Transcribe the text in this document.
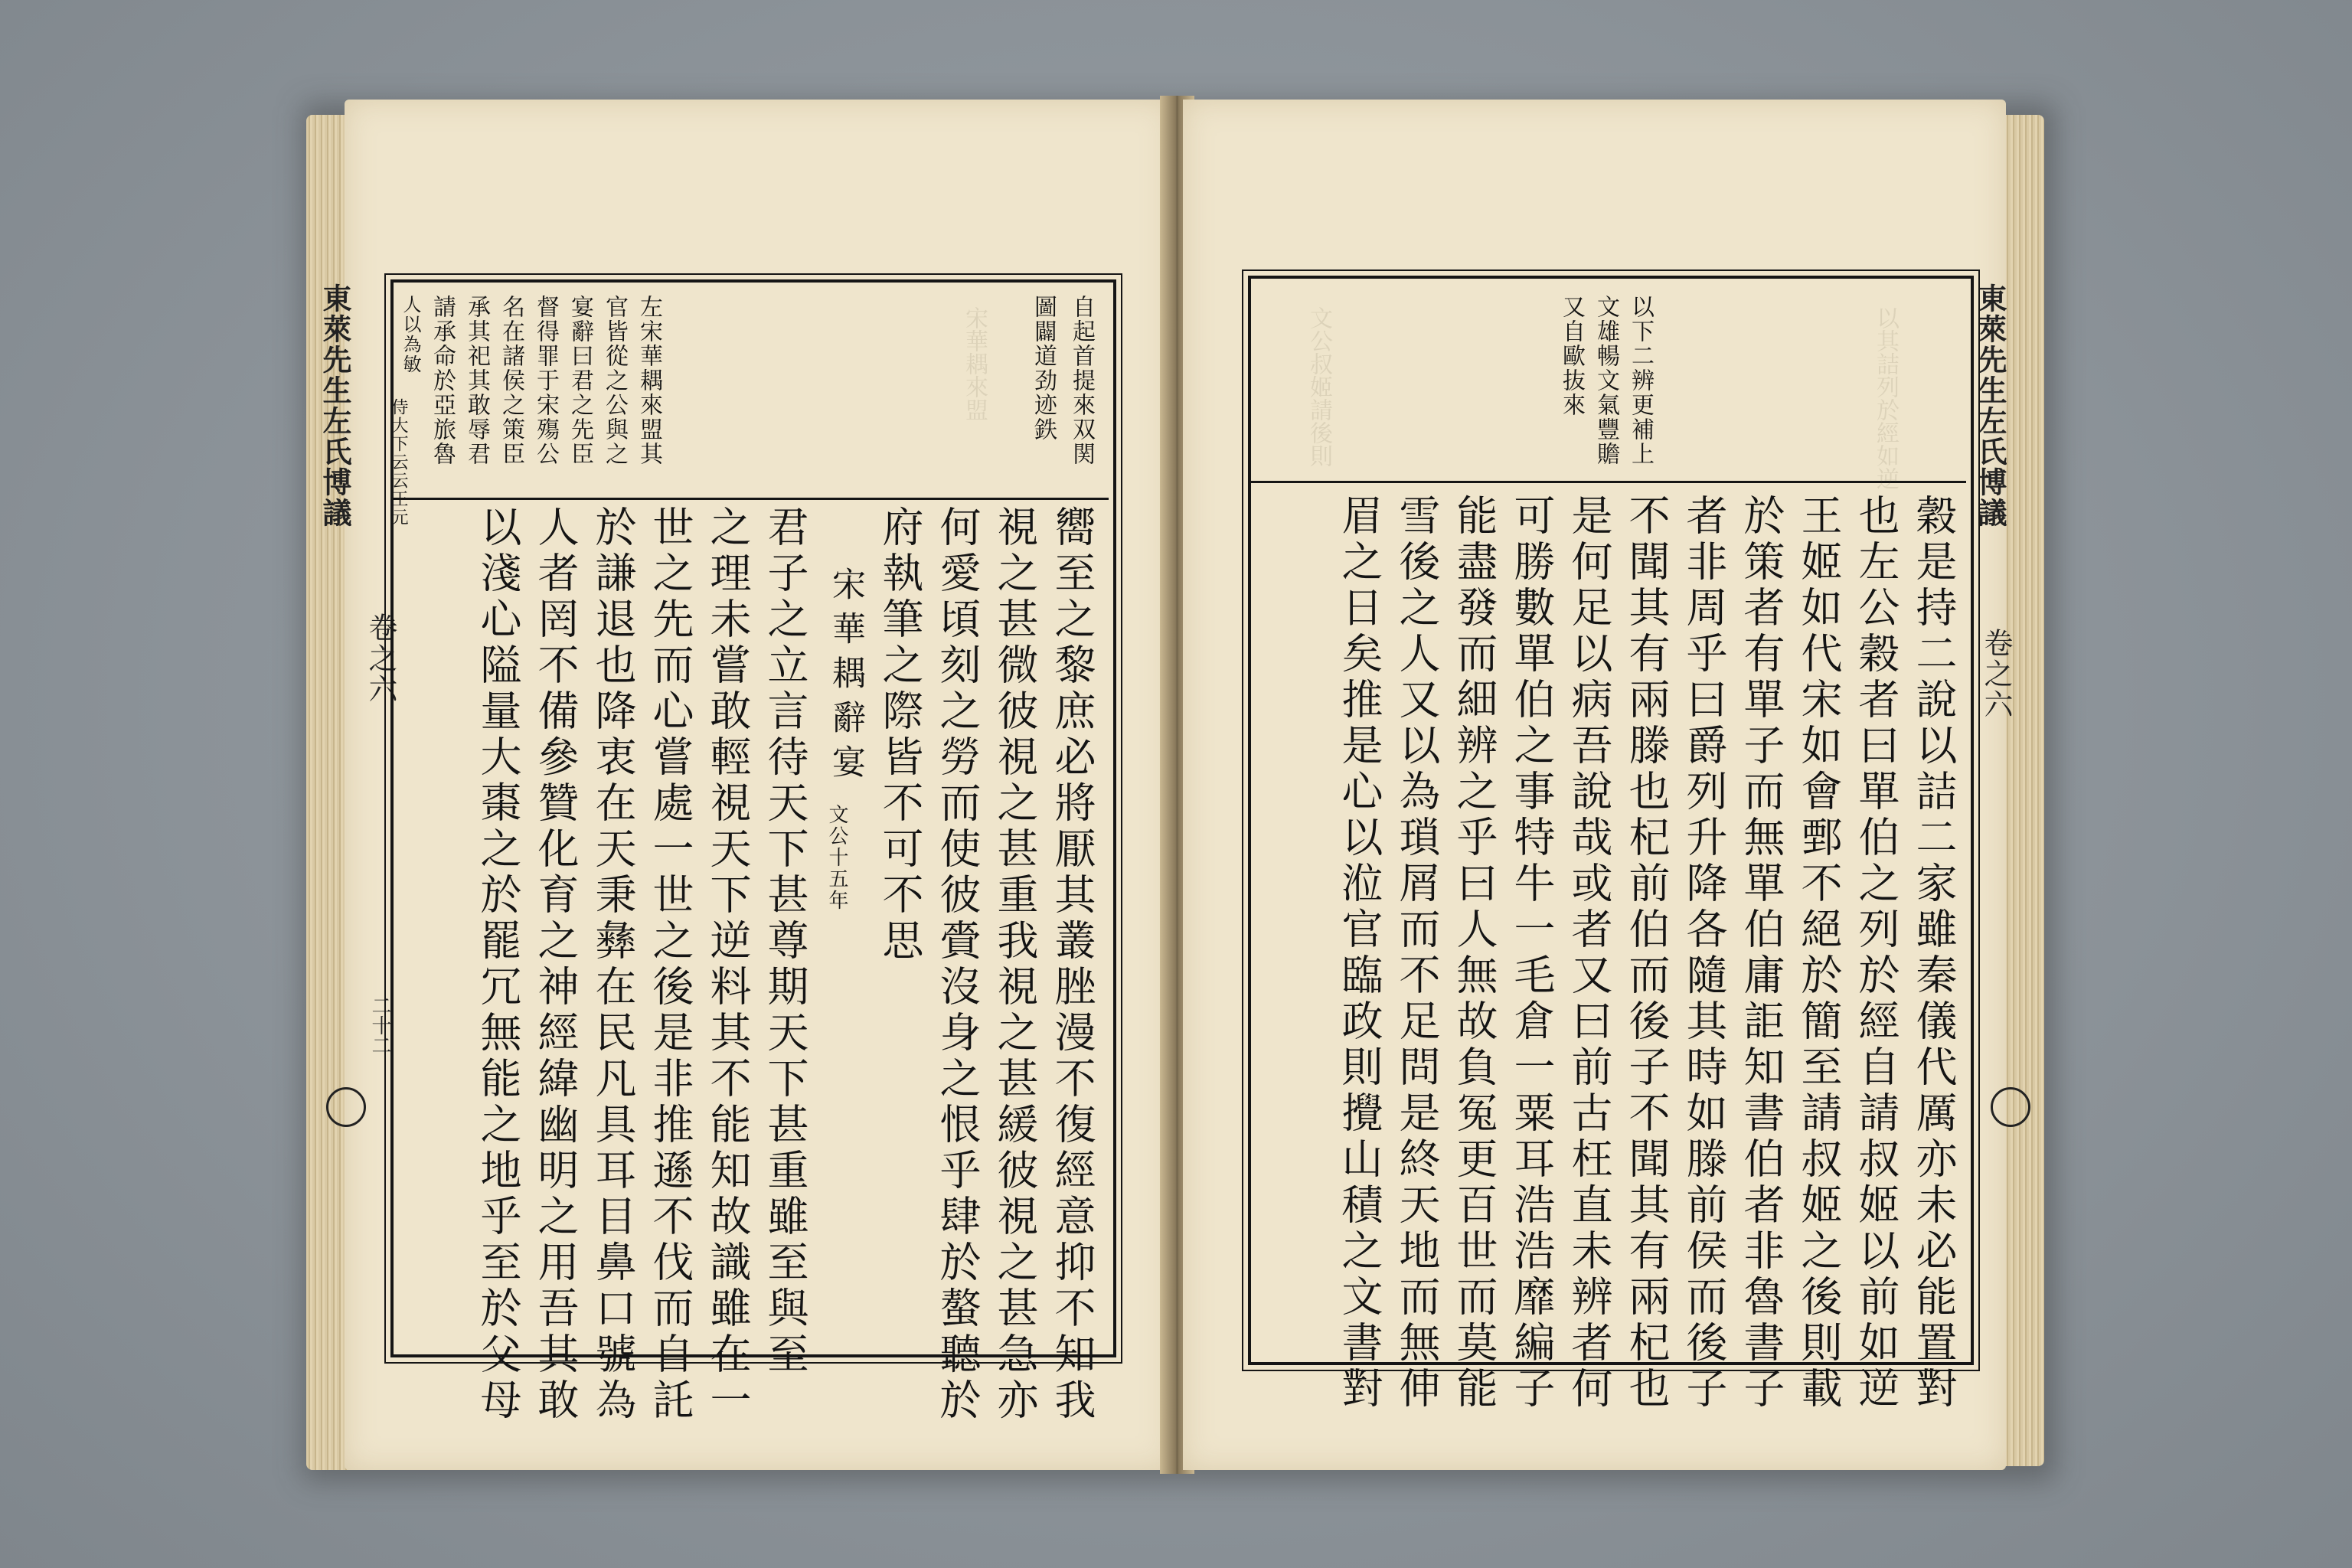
東萊先生左氏博議
卷之六
二十二
自起首提來双関
圖闢道劲迹鉄
左宋華耦來盟其
官皆從之公與之
宴辭曰君之先臣
督得罪于宋殤公
名在諸侯之策臣
承其祀其敢辱君
請承命於亞旅魯
人以為敏
侍大下云云王元
嚮至之黎庶必將厭其叢脞漫不復經意抑不知我
視之甚微彼視之甚重我視之甚緩彼視之甚急亦
何愛頃刻之勞而使彼賫沒身之恨乎肆於螯聽於
府執筆之際皆不可不思
宋華耦辭宴
文公十五年
君子之立言待天下甚尊期天下甚重雖至與至
之理未嘗敢輕視天下逆料其不能知故識雖在一
世之先而心嘗處一世之後是非推遜不伐而自託
於謙退也降衷在天秉彝在民凡具耳目鼻口號為
人者罔不備參贊化育之神經緯幽明之用吾其敢
以淺心隘量大棗之於罷冗無能之地乎至於父母
東萊先生左氏博議
卷之六
以下二辨更補上
文雄暢文氣豐贍
又自歐抜來	以其詰列於經如逆
文公叔姬請後則
宋華耦來盟
穀是持二說以詰二家雖秦儀代厲亦未必能置對
也左公穀者曰單伯之列於經自請叔姬以前如逆
王姬如代宋如會鄄不絕於簡至請叔姬之後則載
於策者有單子而無單伯庸詎知書伯者非魯書子
者非周乎曰爵列升降各隨其時如滕前侯而後子
不聞其有兩滕也杞前伯而後子不聞其有兩杞也
是何足以病吾說哉或者又曰前古枉直未辨者何
可勝數單伯之事特牛一毛倉一粟耳浩浩靡編子
能盡發而細辨之乎曰人無故負冤更百世而莫能
雪後之人又以為瑣屑而不足問是終天地而無伸
眉之日矣推是心以涖官臨政則攪山積之文書對
